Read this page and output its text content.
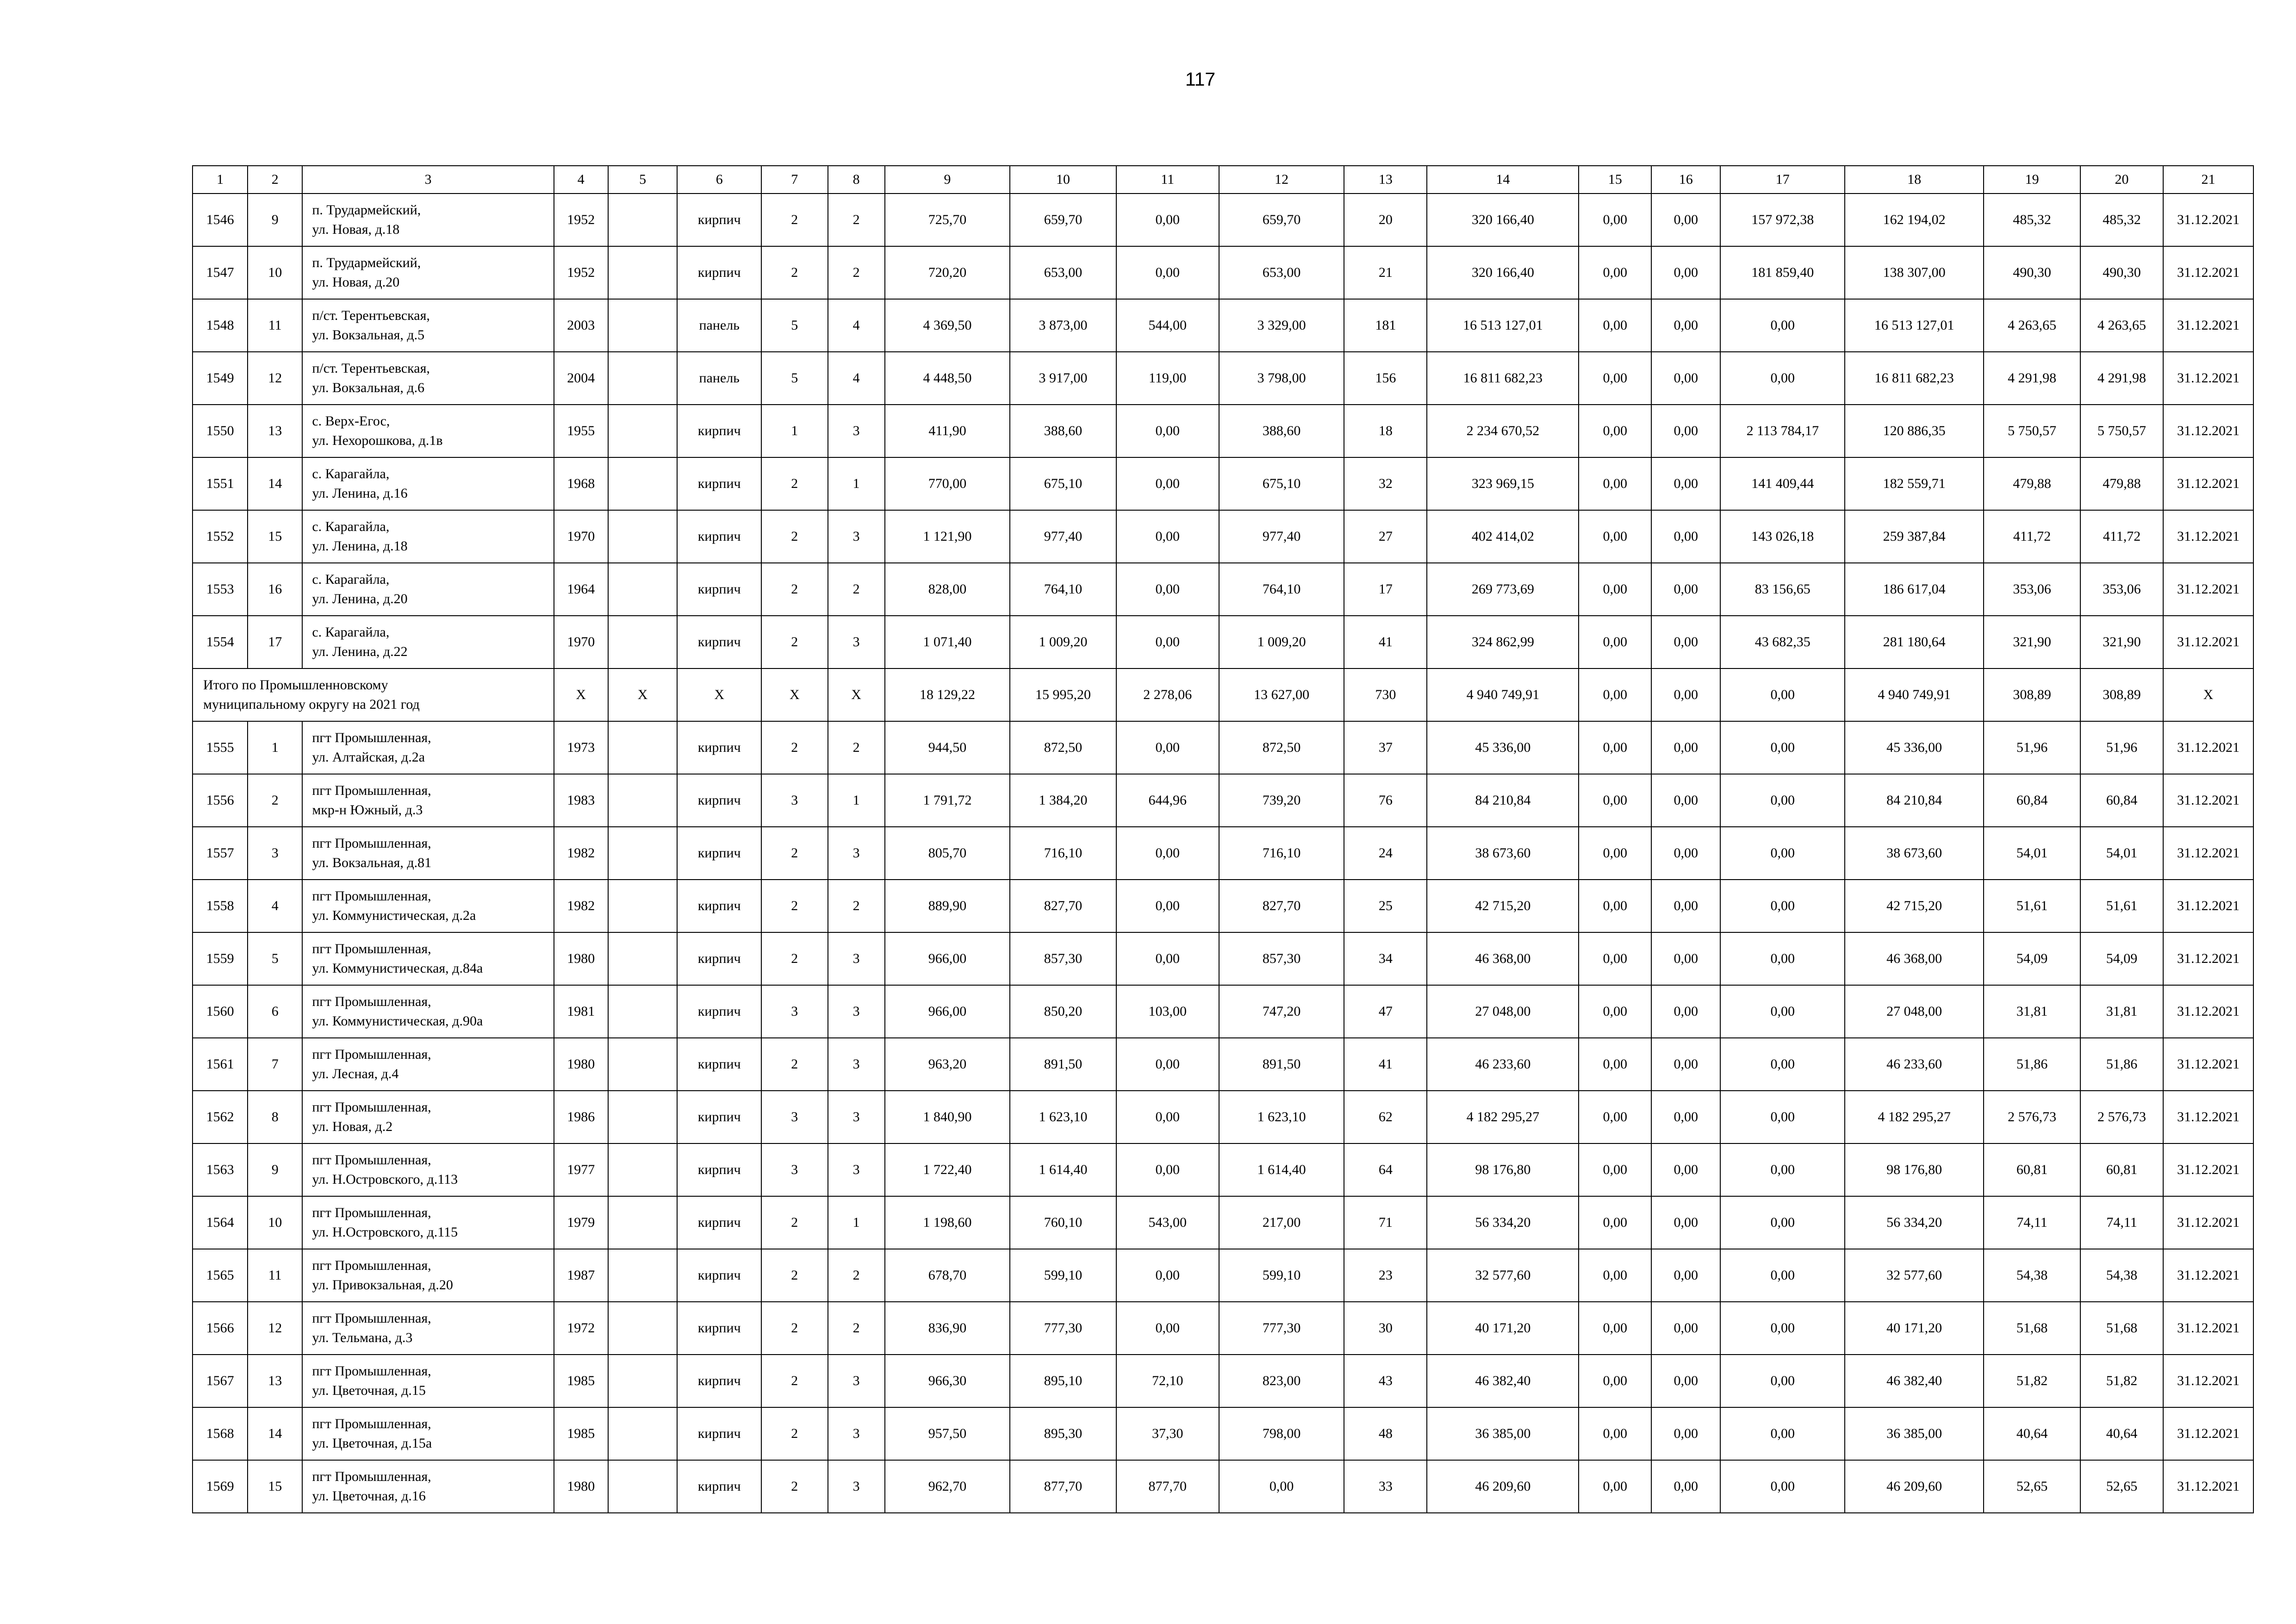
117
1	2	3	4	5	6	7	8	9	10	11	12	13	14	15	16	17	18	19	20	21
1546	9	п. Трудармейский,
ул. Новая, д.18	1952		кирпич	2	2	725,70	659,70	0,00	659,70	20	320 166,40	0,00	0,00	157 972,38	162 194,02	485,32	485,32	31.12.2021
1547	10	п. Трудармейский,
ул. Новая, д.20	1952		кирпич	2	2	720,20	653,00	0,00	653,00	21	320 166,40	0,00	0,00	181 859,40	138 307,00	490,30	490,30	31.12.2021
1548	11	п/ст. Терентьевская,
ул. Вокзальная, д.5	2003		панель	5	4	4 369,50	3 873,00	544,00	3 329,00	181	16 513 127,01	0,00	0,00	0,00	16 513 127,01	4 263,65	4 263,65	31.12.2021
1549	12	п/ст. Терентьевская,
ул. Вокзальная, д.6	2004		панель	5	4	4 448,50	3 917,00	119,00	3 798,00	156	16 811 682,23	0,00	0,00	0,00	16 811 682,23	4 291,98	4 291,98	31.12.2021
1550	13	с. Верх-Егос,
ул. Нехорошкова, д.1в	1955		кирпич	1	3	411,90	388,60	0,00	388,60	18	2 234 670,52	0,00	0,00	2 113 784,17	120 886,35	5 750,57	5 750,57	31.12.2021
1551	14	с. Карагайла,
ул. Ленина, д.16	1968		кирпич	2	1	770,00	675,10	0,00	675,10	32	323 969,15	0,00	0,00	141 409,44	182 559,71	479,88	479,88	31.12.2021
1552	15	с. Карагайла,
ул. Ленина, д.18	1970		кирпич	2	3	1 121,90	977,40	0,00	977,40	27	402 414,02	0,00	0,00	143 026,18	259 387,84	411,72	411,72	31.12.2021
1553	16	с. Карагайла,
ул. Ленина, д.20	1964		кирпич	2	2	828,00	764,10	0,00	764,10	17	269 773,69	0,00	0,00	83 156,65	186 617,04	353,06	353,06	31.12.2021
1554	17	с. Карагайла,
ул. Ленина, д.22	1970		кирпич	2	3	1 071,40	1 009,20	0,00	1 009,20	41	324 862,99	0,00	0,00	43 682,35	281 180,64	321,90	321,90	31.12.2021

Итого по Промышленновскому
муниципальному округу на 2021 год			X	X	X	X	X	18 129,22	15 995,20	2 278,06	13 627,00	730	4 940 749,91	0,00	0,00	0,00	4 940 749,91	308,89	308,89	X
1555	1	пгт Промышленная,
ул. Алтайская, д.2а	1973		кирпич	2	2	944,50	872,50	0,00	872,50	37	45 336,00	0,00	0,00	0,00	45 336,00	51,96	51,96	31.12.2021
1556	2	пгт Промышленная,
мкр-н Южный, д.3	1983		кирпич	3	1	1 791,72	1 384,20	644,96	739,20	76	84 210,84	0,00	0,00	0,00	84 210,84	60,84	60,84	31.12.2021
1557	3	пгт Промышленная,
ул. Вокзальная, д.81	1982		кирпич	2	3	805,70	716,10	0,00	716,10	24	38 673,60	0,00	0,00	0,00	38 673,60	54,01	54,01	31.12.2021
1558	4	пгт Промышленная,
ул. Коммунистическая, д.2а	1982		кирпич	2	2	889,90	827,70	0,00	827,70	25	42 715,20	0,00	0,00	0,00	42 715,20	51,61	51,61	31.12.2021
1559	5	пгт Промышленная,
ул. Коммунистическая, д.84а	1980		кирпич	2	3	966,00	857,30	0,00	857,30	34	46 368,00	0,00	0,00	0,00	46 368,00	54,09	54,09	31.12.2021
1560	6	пгт Промышленная,
ул. Коммунистическая, д.90а	1981		кирпич	3	3	966,00	850,20	103,00	747,20	47	27 048,00	0,00	0,00	0,00	27 048,00	31,81	31,81	31.12.2021
1561	7	пгт Промышленная,
ул. Лесная, д.4	1980		кирпич	2	3	963,20	891,50	0,00	891,50	41	46 233,60	0,00	0,00	0,00	46 233,60	51,86	51,86	31.12.2021
1562	8	пгт Промышленная,
ул. Новая, д.2	1986		кирпич	3	3	1 840,90	1 623,10	0,00	1 623,10	62	4 182 295,27	0,00	0,00	0,00	4 182 295,27	2 576,73	2 576,73	31.12.2021
1563	9	пгт Промышленная,
ул. Н.Островского, д.113	1977		кирпич	3	3	1 722,40	1 614,40	0,00	1 614,40	64	98 176,80	0,00	0,00	0,00	98 176,80	60,81	60,81	31.12.2021
1564	10	пгт Промышленная,
ул. Н.Островского, д.115	1979		кирпич	2	1	1 198,60	760,10	543,00	217,00	71	56 334,20	0,00	0,00	0,00	56 334,20	74,11	74,11	31.12.2021
1565	11	пгт Промышленная,
ул. Привокзальная, д.20	1987		кирпич	2	2	678,70	599,10	0,00	599,10	23	32 577,60	0,00	0,00	0,00	32 577,60	54,38	54,38	31.12.2021
1566	12	пгт Промышленная,
ул. Тельмана, д.3	1972		кирпич	2	2	836,90	777,30	0,00	777,30	30	40 171,20	0,00	0,00	0,00	40 171,20	51,68	51,68	31.12.2021
1567	13	пгт Промышленная,
ул. Цветочная, д.15	1985		кирпич	2	3	966,30	895,10	72,10	823,00	43	46 382,40	0,00	0,00	0,00	46 382,40	51,82	51,82	31.12.2021
1568	14	пгт Промышленная,
ул. Цветочная, д.15а	1985		кирпич	2	3	957,50	895,30	37,30	798,00	48	36 385,00	0,00	0,00	0,00	36 385,00	40,64	40,64	31.12.2021
1569	15	пгт Промышленная,
ул. Цветочная, д.16	1980		кирпич	2	3	962,70	877,70	877,70	0,00	33	46 209,60	0,00	0,00	0,00	46 209,60	52,65	52,65	31.12.2021
